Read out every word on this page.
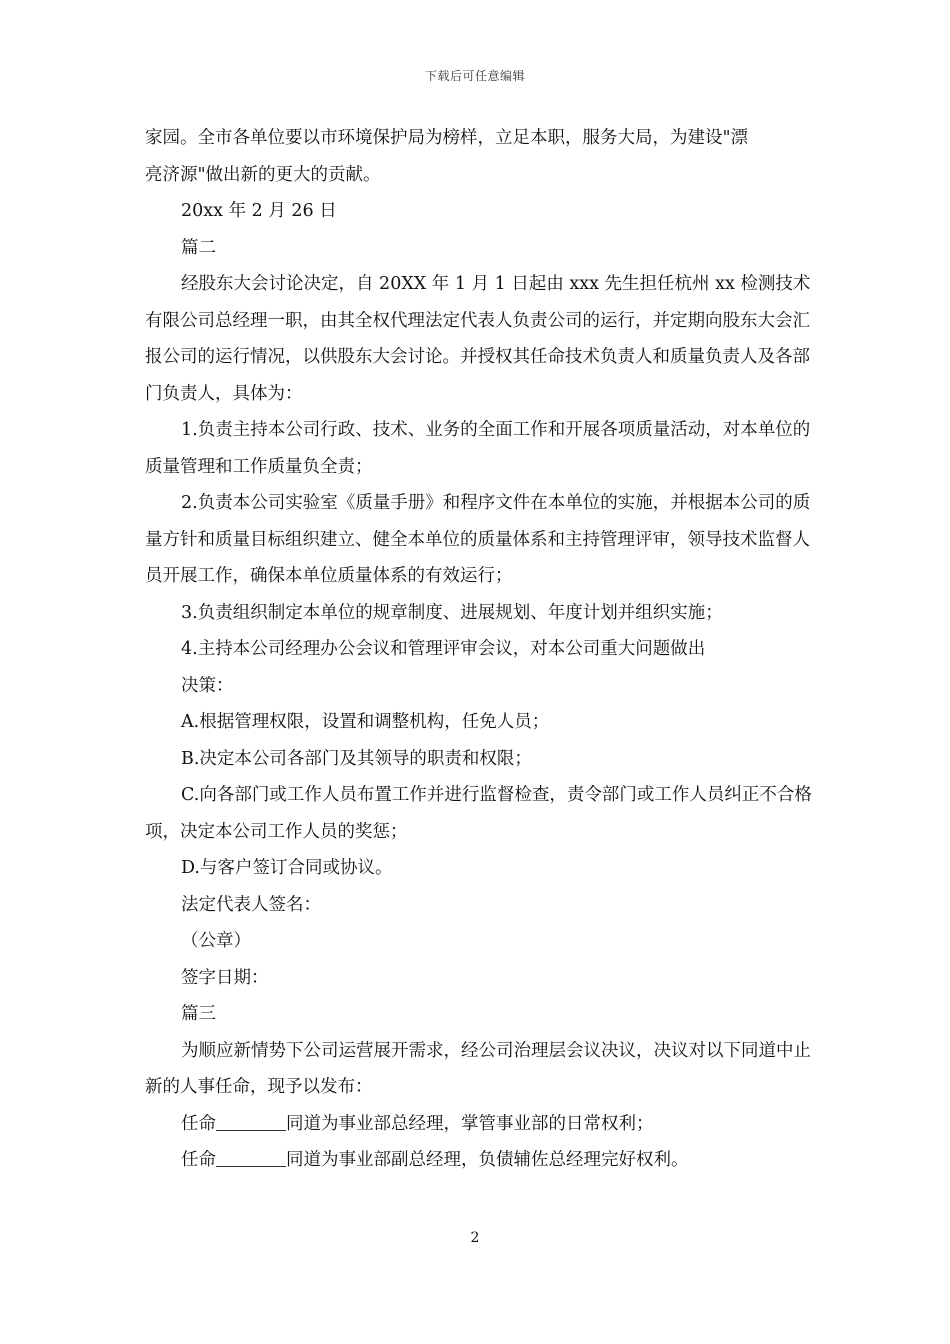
下载后可任意编辑

家园。全市各单位要以市环境保护局为榜样，立足本职，服务大局，为建设"漂

亮济源"做出新的更大的贡献。

20xx 年 2 月 26 日

篇二

经股东大会讨论决定，自 20XX 年 1 月 1 日起由 xxx 先生担任杭州 xx 检测技术有限公司总经理一职，由其全权代理法定代表人负责公司的运行，并定期向股东大会汇报公司的运行情况，以供股东大会讨论。并授权其任命技术负责人和质量负责人及各部门负责人，具体为：

1.负责主持本公司行政、技术、业务的全面工作和开展各项质量活动，对本单位的质量管理和工作质量负全责；

2.负责本公司实验室《质量手册》和程序文件在本单位的实施，并根据本公司的质量方针和质量目标组织建立、健全本单位的质量体系和主持管理评审，领导技术监督人员开展工作，确保本单位质量体系的有效运行；

3.负责组织制定本单位的规章制度、进展规划、年度计划并组织实施；

4.主持本公司经理办公会议和管理评审会议，对本公司重大问题做出

决策：

A.根据管理权限，设置和调整机构，任免人员；

B.决定本公司各部门及其领导的职责和权限；

C.向各部门或工作人员布置工作并进行监督检查，责令部门或工作人员纠正不合格项，决定本公司工作人员的奖惩；

D.与客户签订合同或协议。

法定代表人签名：

（公章）

签字日期：

篇三

为顺应新情势下公司运营展开需求，经公司治理层会议决议，决议对以下同道中止新的人事任命，现予以发布：

任命	同道为事业部总经理，掌管事业部的日常权利；

任命	同道为事业部副总经理，负债辅佐总经理完好权利。

2
